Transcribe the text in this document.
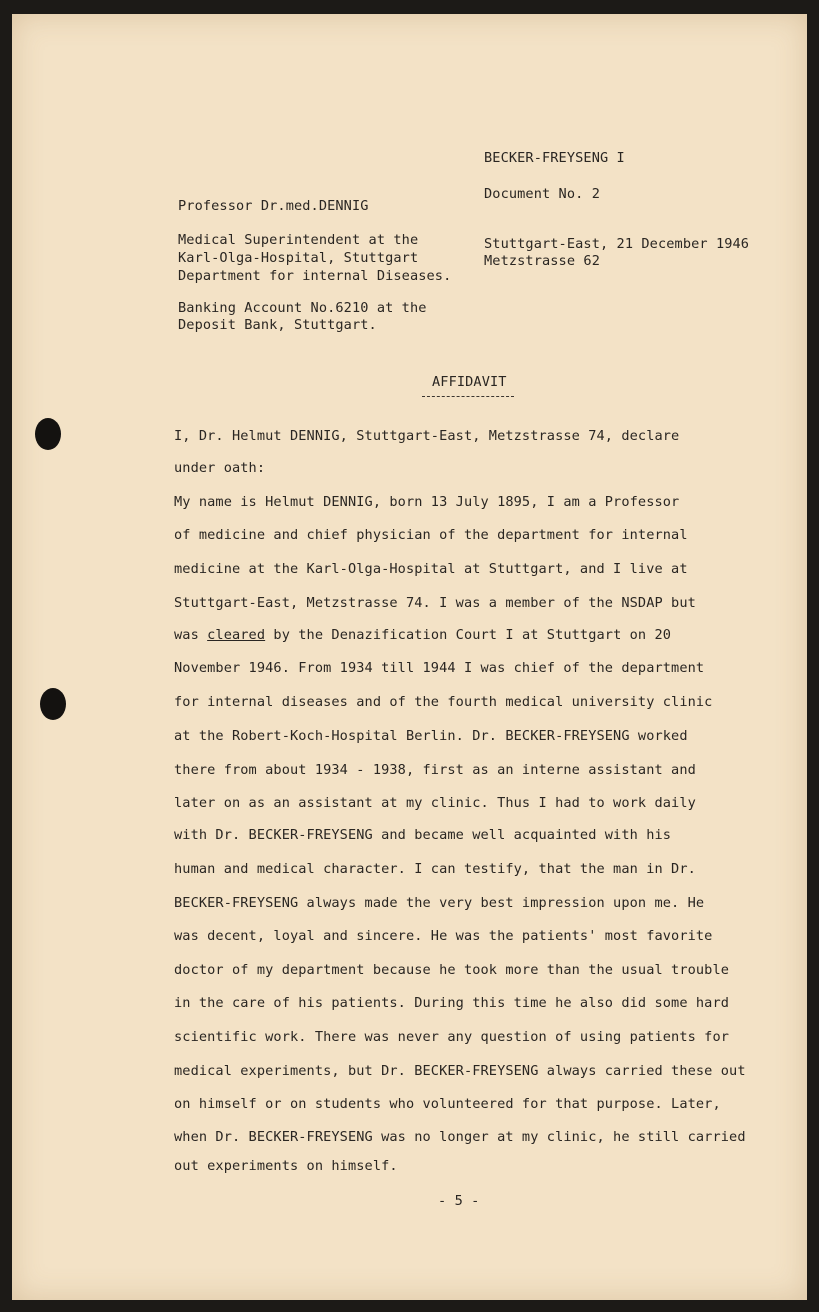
BECKER-FREYSENG I

Document No. 2

Professor Dr.med.DENNIG

Medical Superintendent at the

Karl-Olga-Hospital, Stuttgart

Department for internal Diseases.

Stuttgart-East, 21 December 1946

Metzstrasse 62

Banking Account No.6210 at the

Deposit Bank, Stuttgart.

AFFIDAVIT

I, Dr. Helmut DENNIG, Stuttgart-East, Metzstrasse 74, declare

under oath:

My name is Helmut DENNIG, born 13 July 1895, I am a Professor

of medicine and chief physician of the department for internal

medicine at the Karl-Olga-Hospital at Stuttgart, and I live at

Stuttgart-East, Metzstrasse 74. I was a member of the NSDAP but

was cleared by the Denazification Court I at Stuttgart on 20

November 1946. From 1934 till 1944 I was chief of the department

for internal diseases and of the fourth medical university clinic

at the Robert-Koch-Hospital Berlin. Dr. BECKER-FREYSENG worked

there from about 1934 - 1938, first as an interne assistant and

later on as an assistant at my clinic. Thus I had to work daily

with Dr. BECKER-FREYSENG and became well acquainted with his

human and medical character. I can testify, that the man in Dr.

BECKER-FREYSENG always made the very best impression upon me. He

was decent, loyal and sincere. He was the patients' most favorite

doctor of my department because he took more than the usual trouble

in the care of his patients. During this time he also did some hard

scientific work. There was never any question of using patients for

medical experiments, but Dr. BECKER-FREYSENG always carried these out

on himself or on students who volunteered for that purpose. Later,

when Dr. BECKER-FREYSENG was no longer at my clinic, he still carried

out experiments on himself.

- 5 -
